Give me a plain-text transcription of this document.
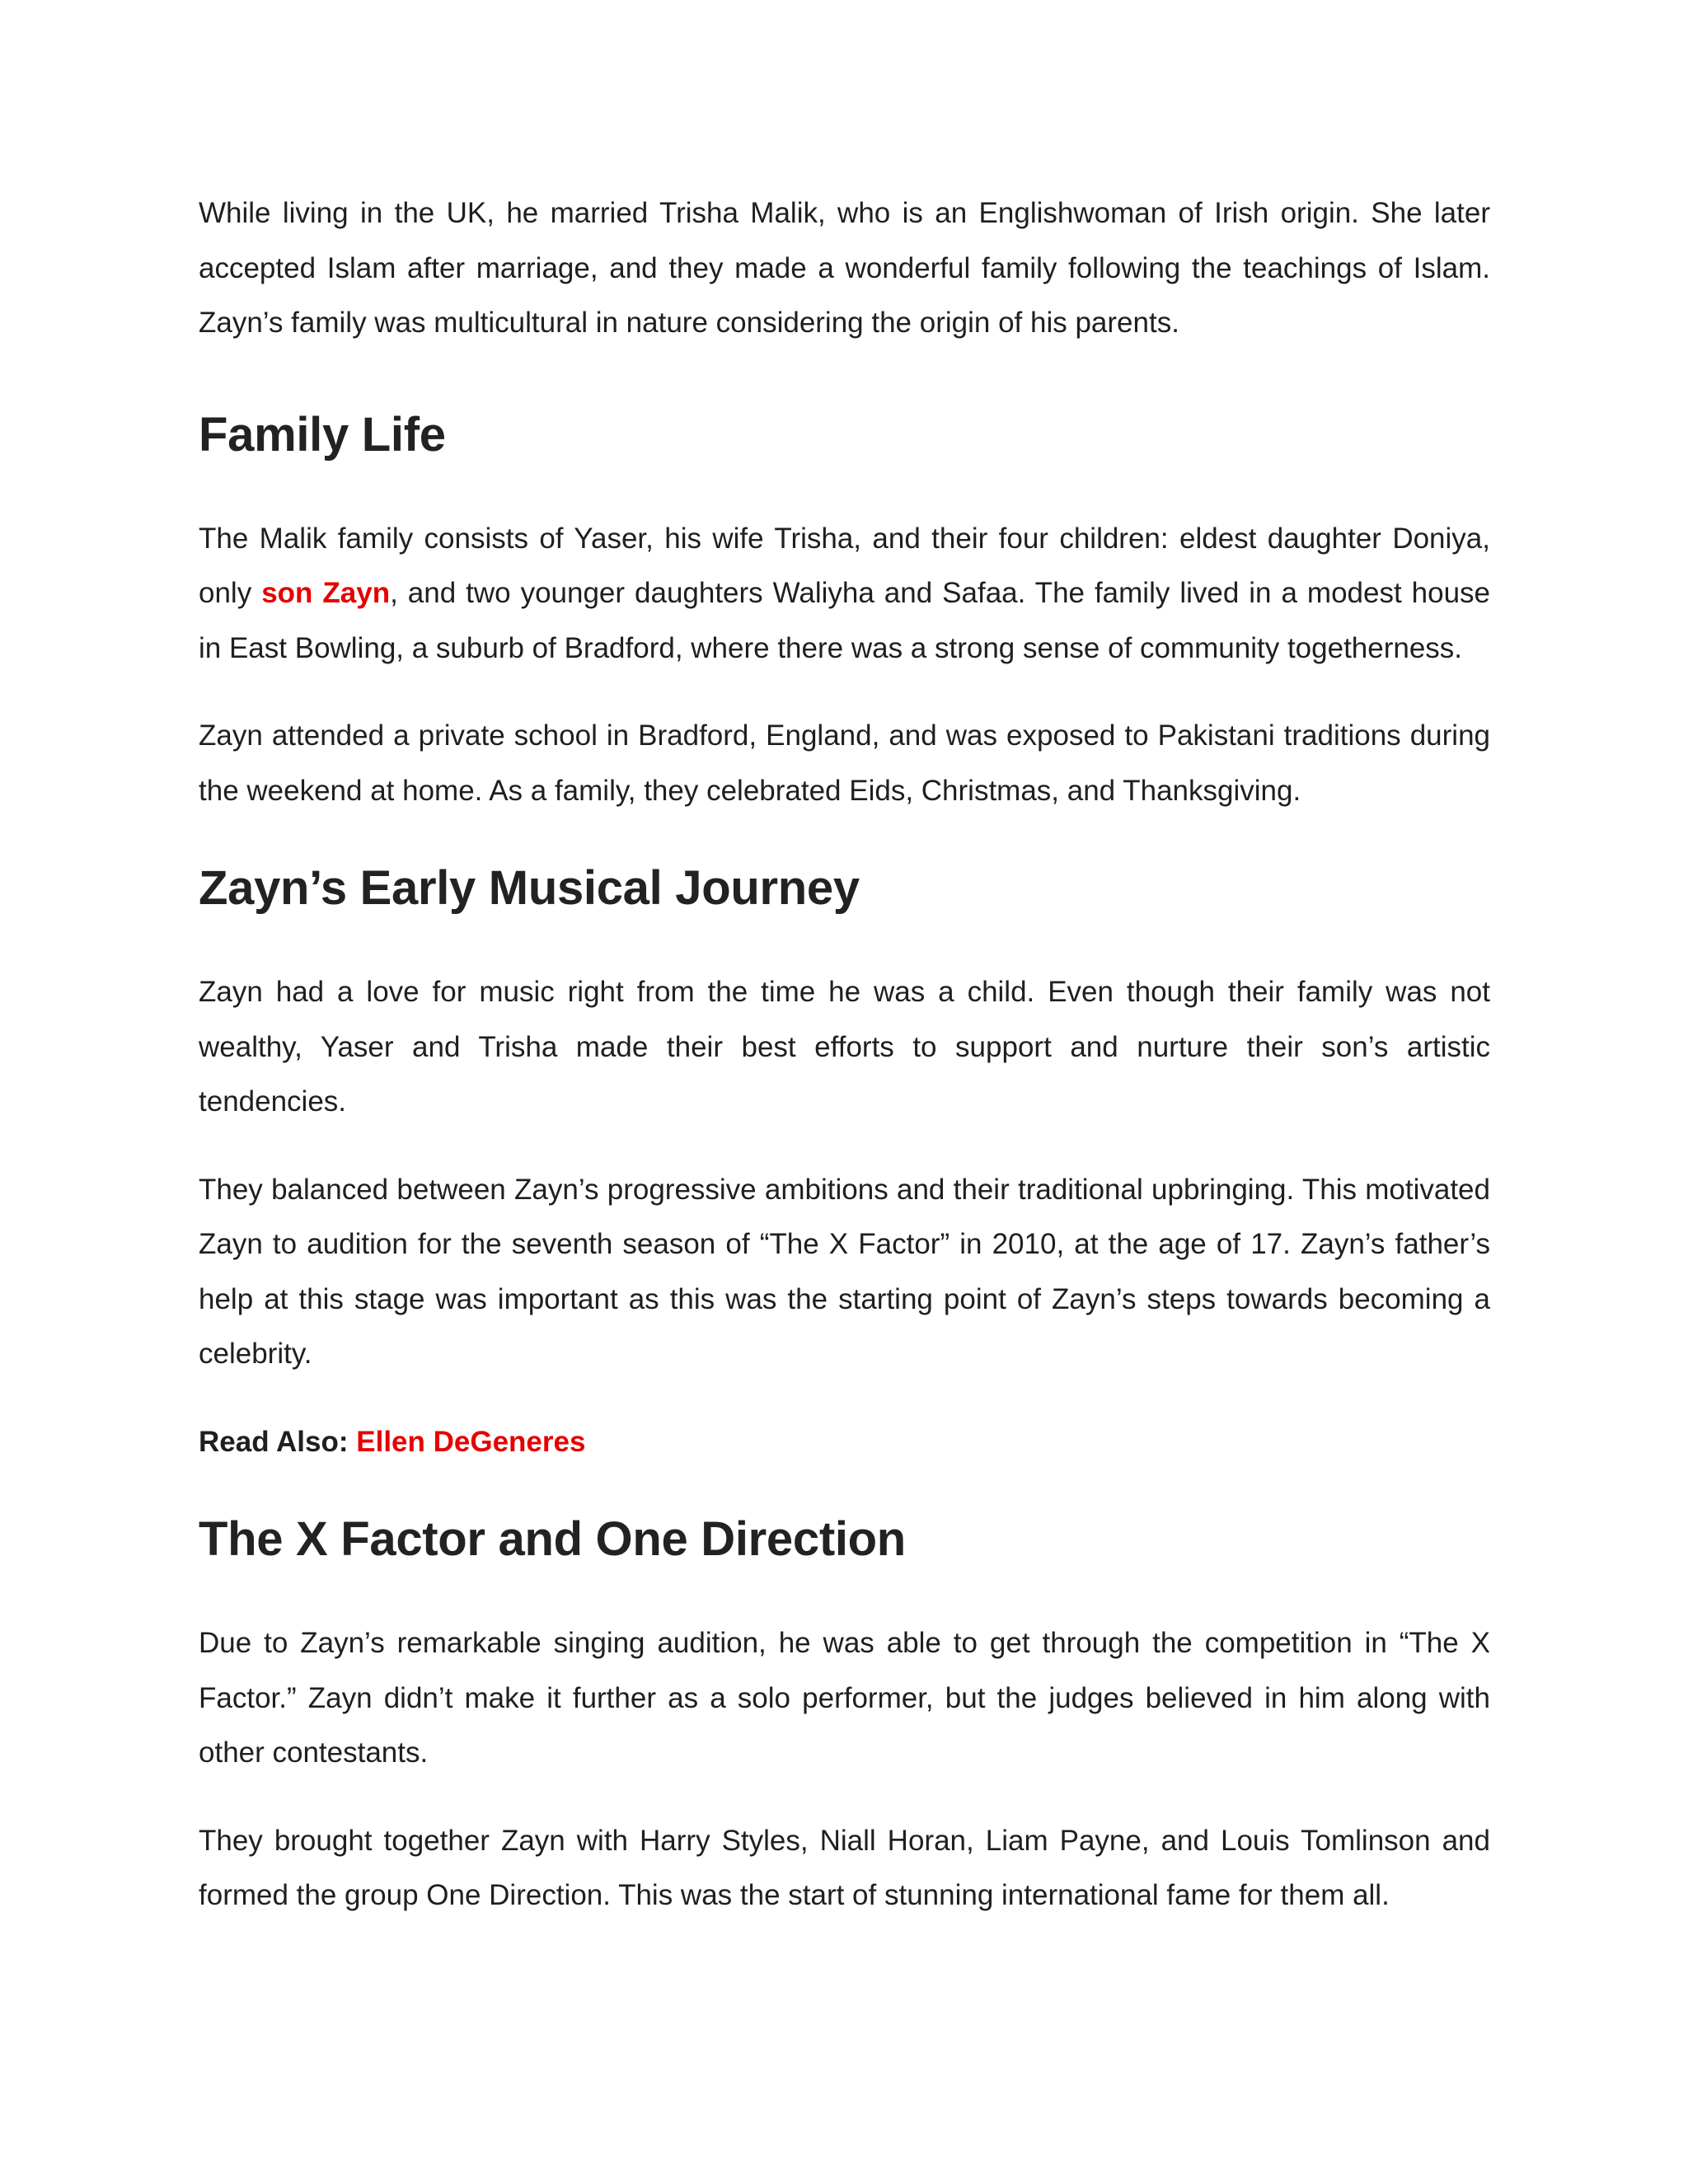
While living in the UK, he married Trisha Malik, who is an Englishwoman of Irish origin. She later accepted Islam after marriage, and they made a wonderful family following the teachings of Islam. Zayn’s family was multicultural in nature considering the origin of his parents.

Family Life

The Malik family consists of Yaser, his wife Trisha, and their four children: eldest daughter Doniya, only son Zayn, and two younger daughters Waliyha and Safaa. The family lived in a modest house in East Bowling, a suburb of Bradford, where there was a strong sense of community togetherness.

Zayn attended a private school in Bradford, England, and was exposed to Pakistani traditions during the weekend at home. As a family, they celebrated Eids, Christmas, and Thanksgiving.

Zayn’s Early Musical Journey

Zayn had a love for music right from the time he was a child. Even though their family was not wealthy, Yaser and Trisha made their best efforts to support and nurture their son’s artistic tendencies.

They balanced between Zayn’s progressive ambitions and their traditional upbringing. This motivated Zayn to audition for the seventh season of “The X Factor” in 2010, at the age of 17. Zayn’s father’s help at this stage was important as this was the starting point of Zayn’s steps towards becoming a celebrity.

Read Also: Ellen DeGeneres

The X Factor and One Direction

Due to Zayn’s remarkable singing audition, he was able to get through the competition in “The X Factor.” Zayn didn’t make it further as a solo performer, but the judges believed in him along with other contestants.

They brought together Zayn with Harry Styles, Niall Horan, Liam Payne, and Louis Tomlinson and formed the group One Direction. This was the start of stunning international fame for them all.
